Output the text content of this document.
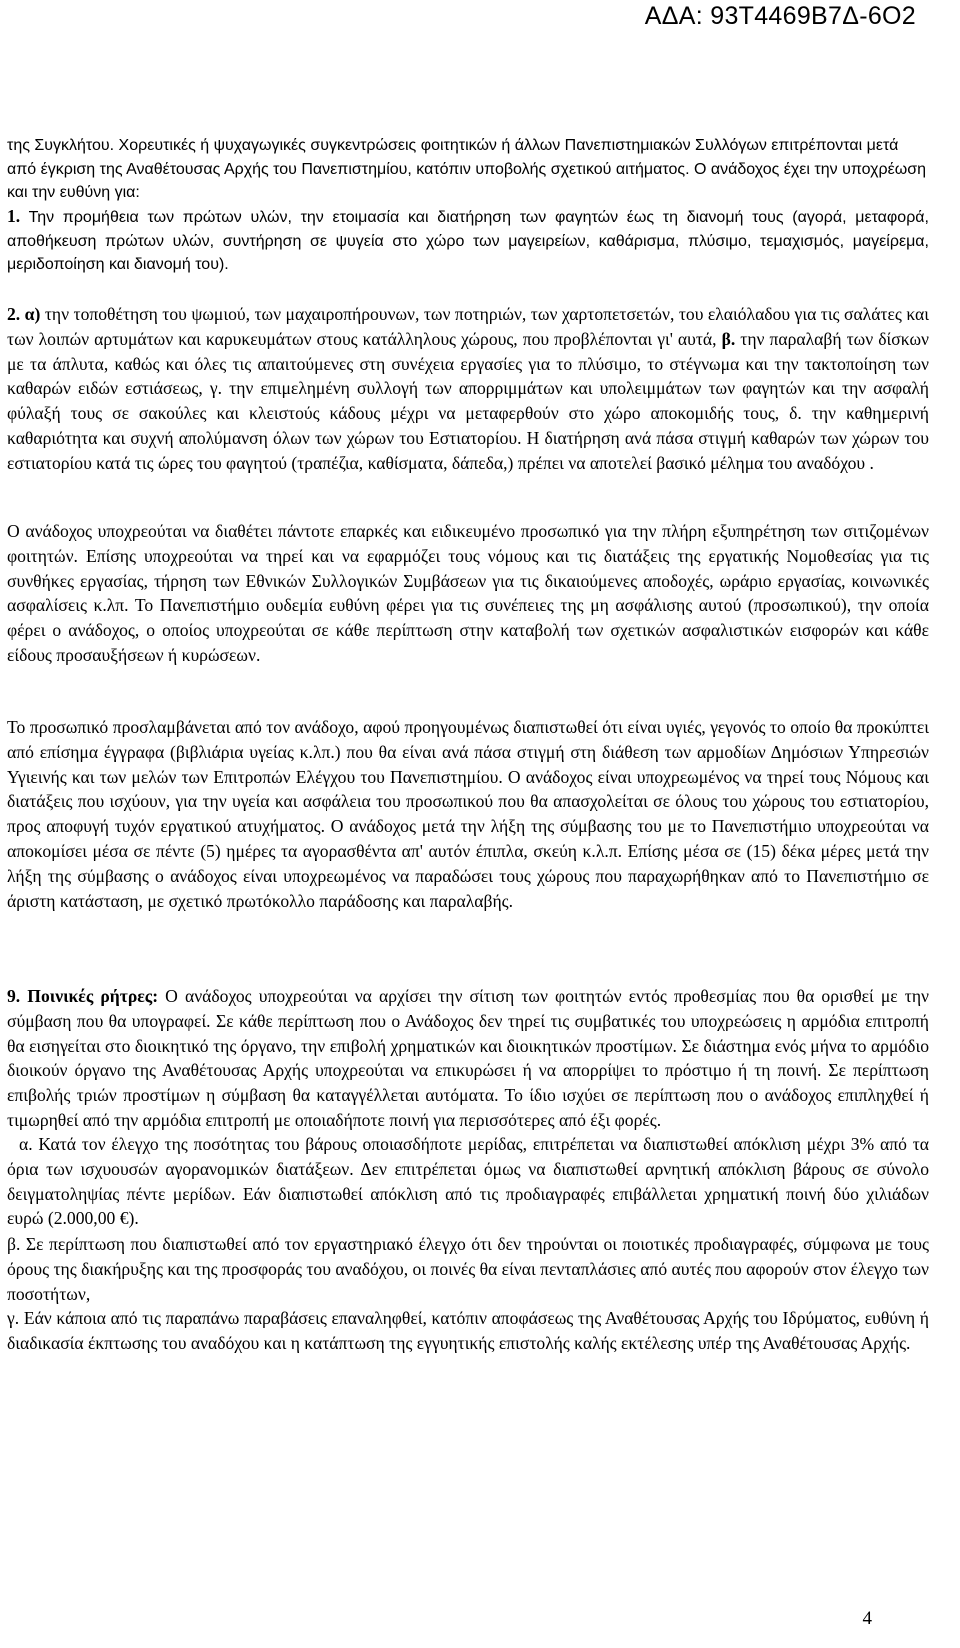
ΑΔΑ: 93Τ4469Β7Δ-6Ο2

της Συγκλήτου. Χορευτικές ή ψυχαγωγικές συγκεντρώσεις φοιτητικών ή άλλων Πανεπιστημιακών Συλλόγων επιτρέπονται μετά από έγκριση της Αναθέτουσας Αρχής του Πανεπιστημίου, κατόπιν υποβολής σχετικού αιτήματος. Ο ανάδοχος έχει την υποχρέωση και την ευθύνη για:

1. Την προμήθεια των πρώτων υλών, την ετοιμασία και διατήρηση των φαγητών έως τη διανομή τους (αγορά, μεταφορά, αποθήκευση πρώτων υλών, συντήρηση σε ψυγεία στο χώρο των μαγειρείων, καθάρισμα, πλύσιμο, τεμαχισμός, μαγείρεμα, μεριδοποίηση και διανομή του).

2. α) την τοποθέτηση του ψωμιού, των μαχαιροπήρουνων, των ποτηριών, των χαρτοπετσετών, του ελαιόλαδου για τις σαλάτες και των λοιπών αρτυμάτων και καρυκευμάτων στους κατάλληλους χώρους, που προβλέπονται γι' αυτά, β. την παραλαβή των δίσκων με τα άπλυτα, καθώς και όλες τις απαιτούμενες στη συνέχεια εργασίες για το πλύσιμο, το στέγνωμα και την τακτοποίηση των καθαρών ειδών εστιάσεως, γ. την επιμελημένη συλλογή των απορριμμάτων και υπολειμμάτων των φαγητών και την ασφαλή φύλαξή τους σε σακούλες και κλειστούς κάδους μέχρι να μεταφερθούν στο χώρο αποκομιδής τους, δ. την καθημερινή καθαριότητα και συχνή απολύμανση όλων των χώρων του Εστιατορίου. Η διατήρηση ανά πάσα στιγμή καθαρών των χώρων του εστιατορίου κατά τις ώρες του φαγητού (τραπέζια, καθίσματα, δάπεδα,) πρέπει να αποτελεί βασικό μέλημα του αναδόχου .

Ο ανάδοχος υποχρεούται να διαθέτει πάντοτε επαρκές και ειδικευμένο προσωπικό για την πλήρη εξυπηρέτηση των σιτιζομένων φοιτητών. Επίσης υποχρεούται να τηρεί και να εφαρμόζει τους νόμους και τις διατάξεις της εργατικής Νομοθεσίας για τις συνθήκες εργασίας, τήρηση των Εθνικών Συλλογικών Συμβάσεων για τις δικαιούμενες αποδοχές, ωράριο εργασίας, κοινωνικές ασφαλίσεις κ.λπ. Το Πανεπιστήμιο ουδεμία ευθύνη φέρει για τις συνέπειες της μη ασφάλισης αυτού (προσωπικού), την οποία φέρει ο ανάδοχος, ο οποίος υποχρεούται σε κάθε περίπτωση στην καταβολή των σχετικών ασφαλιστικών εισφορών και κάθε είδους προσαυξήσεων ή κυρώσεων.

Το προσωπικό προσλαμβάνεται από τον ανάδοχο, αφού προηγουμένως διαπιστωθεί ότι είναι υγιές, γεγονός το οποίο θα προκύπτει από επίσημα έγγραφα (βιβλιάρια υγείας κ.λπ.) που θα είναι ανά πάσα στιγμή στη διάθεση των αρμοδίων Δημόσιων Υπηρεσιών Υγιεινής και των μελών των Επιτροπών Ελέγχου του Πανεπιστημίου. Ο ανάδοχος είναι υποχρεωμένος να τηρεί τους Νόμους και διατάξεις που ισχύουν, για την υγεία και ασφάλεια του προσωπικού που θα απασχολείται σε όλους του χώρους του εστιατορίου, προς αποφυγή τυχόν εργατικού ατυχήματος. Ο ανάδοχος μετά την λήξη της σύμβασης του με το Πανεπιστήμιο υποχρεούται να αποκομίσει μέσα σε πέντε (5) ημέρες τα αγορασθέντα απ' αυτόν έπιπλα, σκεύη κ.λ.π. Επίσης μέσα σε (15) δέκα μέρες μετά την λήξη της σύμβασης ο ανάδοχος είναι υποχρεωμένος να παραδώσει τους χώρους που παραχωρήθηκαν από το Πανεπιστήμιο σε άριστη κατάσταση, με σχετικό πρωτόκολλο παράδοσης και παραλαβής.

9. Ποινικές ρήτρες: Ο ανάδοχος υποχρεούται να αρχίσει την σίτιση των φοιτητών εντός προθεσμίας που θα ορισθεί με την σύμβαση που θα υπογραφεί. Σε κάθε περίπτωση που ο Ανάδοχος δεν τηρεί τις συμβατικές του υποχρεώσεις η αρμόδια επιτροπή θα εισηγείται στο διοικητικό της όργανο, την επιβολή χρηματικών και διοικητικών προστίμων. Σε διάστημα ενός μήνα το αρμόδιο διοικούν όργανο της Αναθέτουσας Αρχής υποχρεούται να επικυρώσει ή να απορρίψει το πρόστιμο ή τη ποινή. Σε περίπτωση επιβολής τριών προστίμων η σύμβαση θα καταγγέλλεται αυτόματα. Το ίδιο ισχύει σε περίπτωση που ο ανάδοχος επιπληχθεί ή τιμωρηθεί από την αρμόδια επιτροπή με οποιαδήποτε ποινή για περισσότερες από έξι φορές.

α. Κατά τον έλεγχο της ποσότητας του βάρους οποιασδήποτε μερίδας, επιτρέπεται να διαπιστωθεί απόκλιση μέχρι 3% από τα όρια των ισχυουσών αγορανομικών διατάξεων. Δεν επιτρέπεται όμως να διαπιστωθεί αρνητική απόκλιση βάρους σε σύνολο δειγματοληψίας πέντε μερίδων. Εάν διαπιστωθεί απόκλιση από τις προδιαγραφές επιβάλλεται χρηματική ποινή δύο χιλιάδων ευρώ (2.000,00 €).

β. Σε περίπτωση που διαπιστωθεί από τον εργαστηριακό έλεγχο ότι δεν τηρούνται οι ποιοτικές προδιαγραφές, σύμφωνα με τους όρους της διακήρυξης και της προσφοράς του αναδόχου, οι ποινές θα είναι πενταπλάσιες από αυτές που αφορούν στον έλεγχο των ποσοτήτων,

γ. Εάν κάποια από τις παραπάνω παραβάσεις επαναληφθεί, κατόπιν αποφάσεως της Αναθέτουσας Αρχής του Ιδρύματος, ευθύνη ή διαδικασία έκπτωσης του αναδόχου και η κατάπτωση της εγγυητικής επιστολής καλής εκτέλεσης υπέρ της Αναθέτουσας Αρχής.

4
